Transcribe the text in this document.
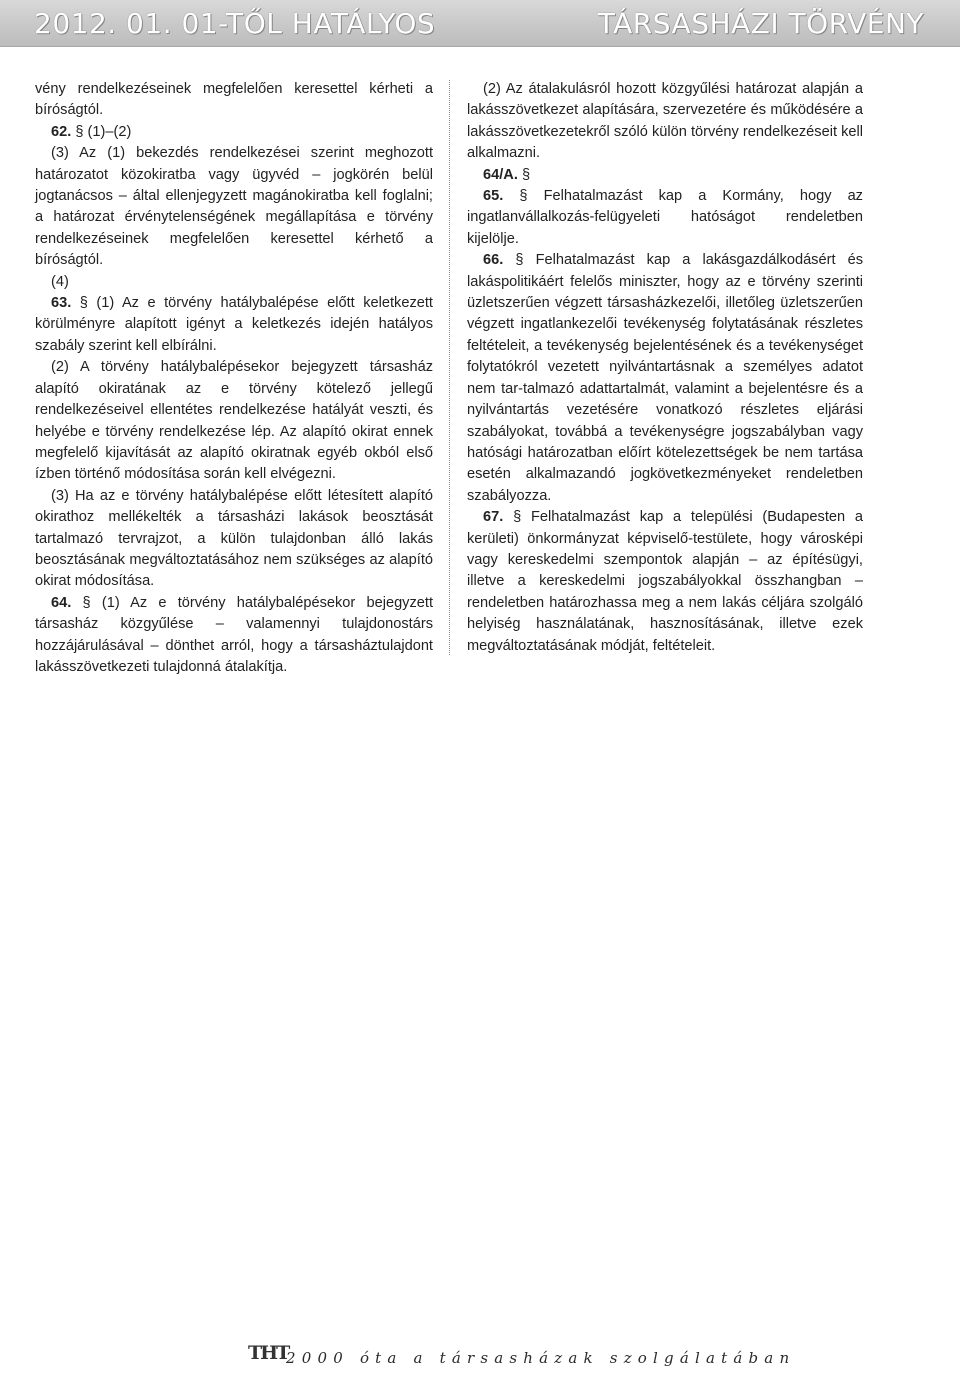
2012. 01. 01-TŐL HATÁLYOS	TÁRSASHÁZI TÖRVÉNY

vény rendelkezéseinek megfelelően keresettel kérheti a bíróságtól.

62. § (1)–(2)

(3) Az (1) bekezdés rendelkezései szerint meghozott határozatot közokiratba vagy ügyvéd – jogkörén belül jogtanácsos – által ellenjegyzett magánokiratba kell foglalni; a határozat érvénytelenségének megállapítása e törvény rendelkezéseinek megfelelően keresettel kérhető a bíróságtól.

(4)

63. § (1) Az e törvény hatálybalépése előtt keletkezett körülményre alapított igényt a keletkezés idején hatályos szabály szerint kell elbírálni.

(2) A törvény hatálybalépésekor bejegyzett társasház alapító okiratának az e törvény kötelező jellegű rendelkezéseivel ellentétes rendelkezése hatályát veszti, és helyébe e törvény rendelkezése lép. Az alapító okirat ennek megfelelő kijavítását az alapító okiratnak egyéb okból első ízben történő módosítása során kell elvégezni.

(3) Ha az e törvény hatálybalépése előtt létesített alapító okirathoz mellékelték a társasházi lakások beosztását tartalmazó tervrajzot, a külön tulajdonban álló lakás beosztásának megváltoztatásához nem szükséges az alapító okirat módosítása.

64. § (1) Az e törvény hatálybalépésekor bejegyzett társasház közgyűlése – valamennyi tulajdonostárs hozzájárulásával – dönthet arról, hogy a társasháztulajdont lakásszövetkezeti tulajdonná átalakítja.

(2) Az átalakulásról hozott közgyűlési határozat alapján a lakásszövetkezet alapítására, szervezetére és működésére a lakásszövetkezetekről szóló külön törvény rendelkezéseit kell alkalmazni.

64/A. §

65. § Felhatalmazást kap a Kormány, hogy az ingatlanvállalkozás-felügyeleti hatóságot rendeletben kijelölje.

66. § Felhatalmazást kap a lakásgazdálkodásért és lakáspolitikáért felelős miniszter, hogy az e törvény szerinti üzletszerűen végzett társasházkezelői, illetőleg üzletszerűen végzett ingatlankezelői tevékenység folytatásának részletes feltételeit, a tevékenység bejelentésének és a tevékenységet folytatókról vezetett nyilvántartásnak a személyes adatot nem tar-talmazó adattartalmát, valamint a bejelentésre és a nyilvántartás vezetésére vonatkozó részletes eljárási szabályokat, továbbá a tevékenységre jogszabályban vagy hatósági határozatban előírt kötelezettségek be nem tartása esetén alkalmazandó jogkövetkezményeket rendeletben szabályozza.

67. § Felhatalmazást kap a települési (Budapesten a kerületi) önkormányzat képviselő-testülete, hogy városképi vagy kereskedelmi szempontok alapján – az építésügyi, illetve a kereskedelmi jogszabályokkal összhangban – rendeletben határozhassa meg a nem lakás céljára szolgáló helyiség használatának, hasznosításának, illetve ezek megváltoztatásának módját, feltételeit.

THT
2000 óta a társasházak szolgálatában
